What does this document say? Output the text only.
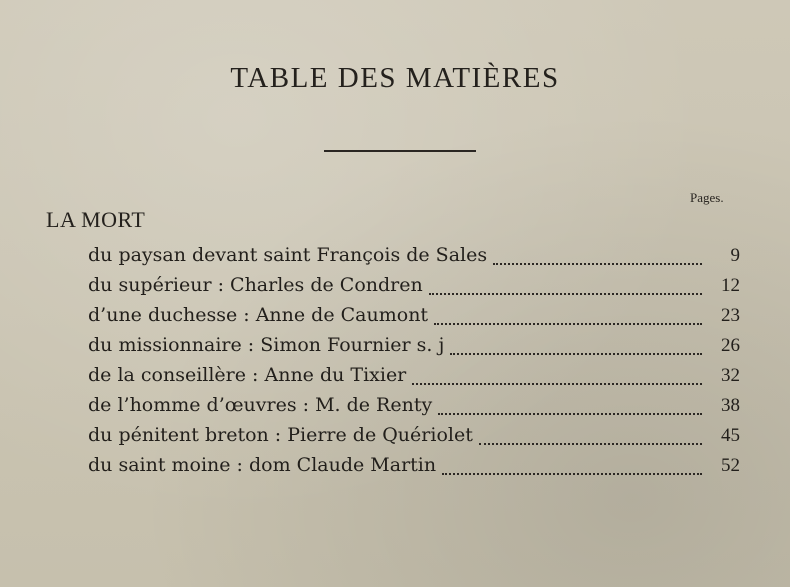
TABLE DES MATIÈRES
Pages.
LA MORT
du paysan devant saint François de Sales	9
du supérieur : Charles de Condren	12
d’une duchesse : Anne de Caumont	23
du missionnaire : Simon Fournier s. j	26
de la conseillère : Anne du Tixier	32
de l’homme d’œuvres : M. de Renty	38
du pénitent breton : Pierre de Quériolet	45
du saint moine : dom Claude Martin	52
